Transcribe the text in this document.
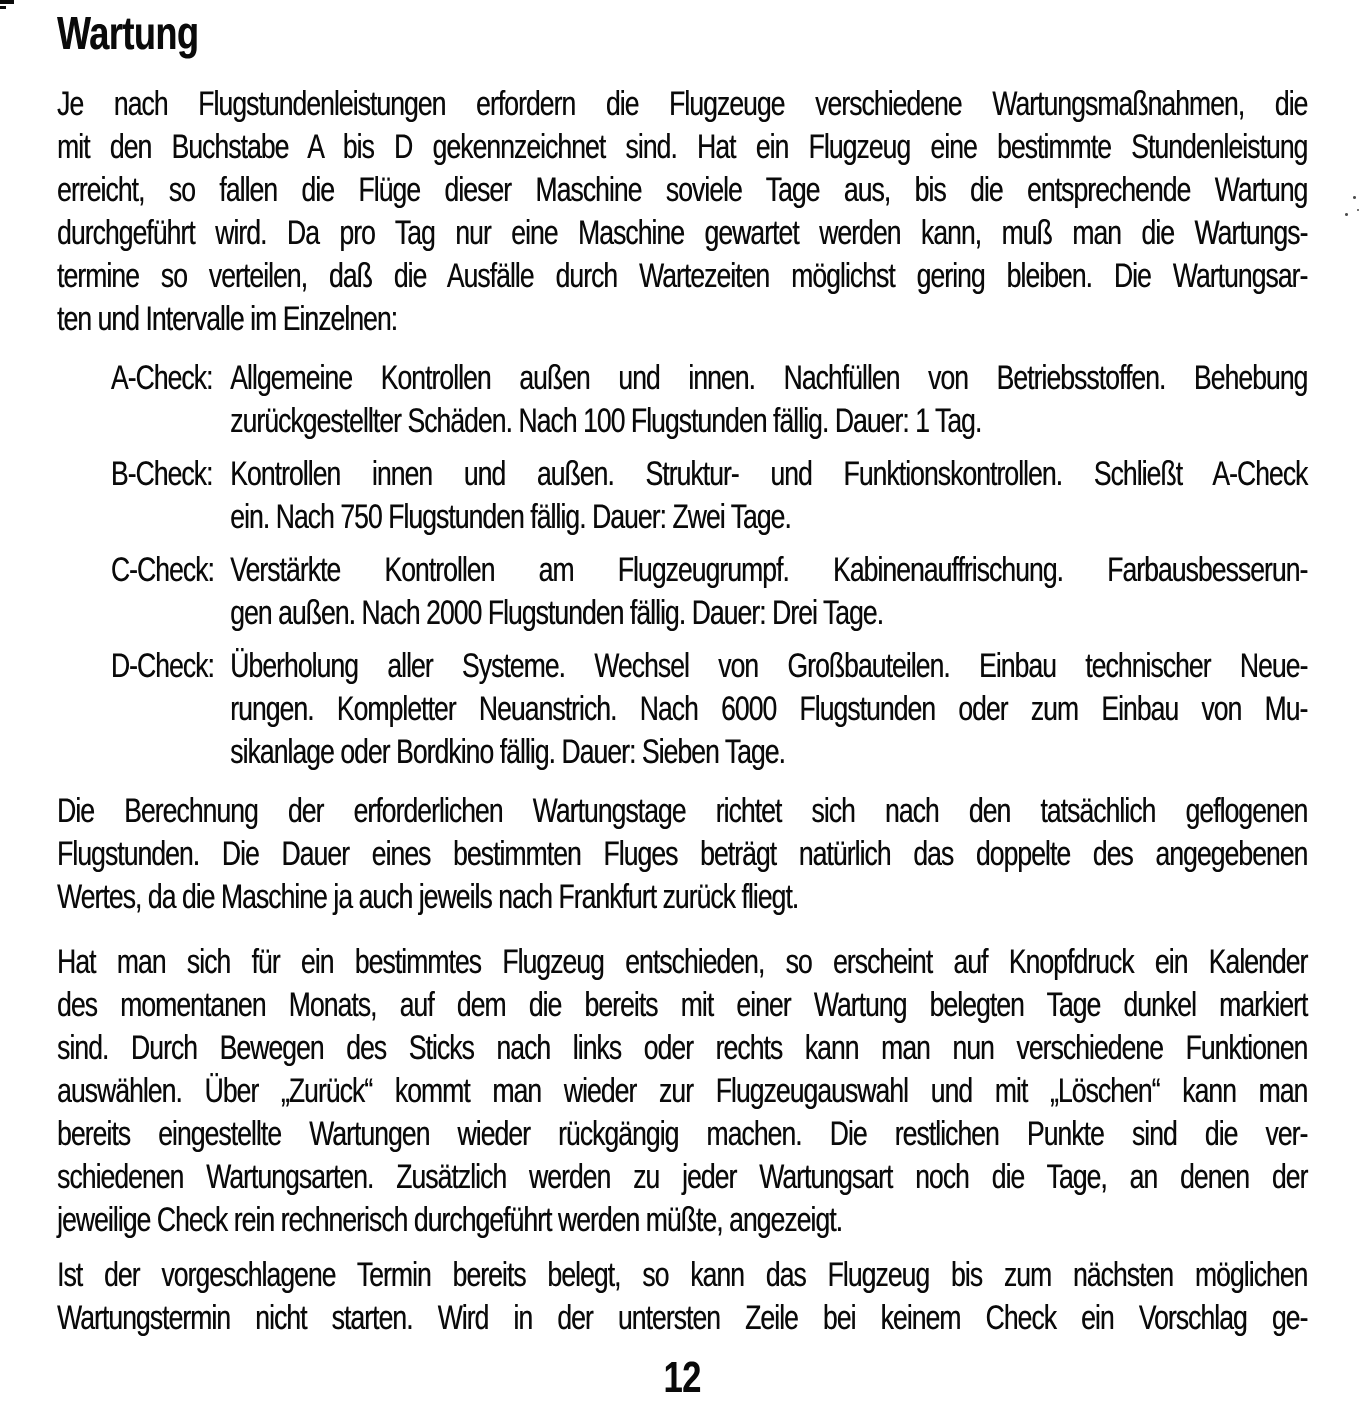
Wartung
Je nach Flugstundenleistungen erfordern die Flugzeuge verschiedene Wartungsmaßnahmen, die
mit den Buchstabe A bis D gekennzeichnet sind. Hat ein Flugzeug eine bestimmte Stundenleistung
erreicht, so fallen die Flüge dieser Maschine soviele Tage aus, bis die entsprechende Wartung
durchgeführt wird. Da pro Tag nur eine Maschine gewartet werden kann, muß man die Wartungs-
termine so verteilen, daß die Ausfälle durch Wartezeiten möglichst gering bleiben. Die Wartungsar-
ten und Intervalle im Einzelnen:
A-Check: Allgemeine Kontrollen außen und innen. Nachfüllen von Betriebsstoffen. Behebung
zurückgestellter Schäden. Nach 100 Flugstunden fällig. Dauer: 1 Tag.
B-Check: Kontrollen innen und außen. Struktur- und Funktionskontrollen. Schließt A-Check
ein. Nach 750 Flugstunden fällig. Dauer: Zwei Tage.
C-Check: Verstärkte Kontrollen am Flugzeugrumpf. Kabinenauffrischung. Farbausbesserun-
gen außen. Nach 2000 Flugstunden fällig. Dauer: Drei Tage.
D-Check: Überholung aller Systeme. Wechsel von Großbauteilen. Einbau technischer Neue-
rungen. Kompletter Neuanstrich. Nach 6000 Flugstunden oder zum Einbau von Mu-
sikanlage oder Bordkino fällig. Dauer: Sieben Tage.
Die Berechnung der erforderlichen Wartungstage richtet sich nach den tatsächlich geflogenen
Flugstunden. Die Dauer eines bestimmten Fluges beträgt natürlich das doppelte des angegebenen
Wertes, da die Maschine ja auch jeweils nach Frankfurt zurück fliegt.
Hat man sich für ein bestimmtes Flugzeug entschieden, so erscheint auf Knopfdruck ein Kalender
des momentanen Monats, auf dem die bereits mit einer Wartung belegten Tage dunkel markiert
sind. Durch Bewegen des Sticks nach links oder rechts kann man nun verschiedene Funktionen
auswählen. Über „Zurück“ kommt man wieder zur Flugzeugauswahl und mit „Löschen“ kann man
bereits eingestellte Wartungen wieder rückgängig machen. Die restlichen Punkte sind die ver-
schiedenen Wartungsarten. Zusätzlich werden zu jeder Wartungsart noch die Tage, an denen der
jeweilige Check rein rechnerisch durchgeführt werden müßte, angezeigt.
Ist der vorgeschlagene Termin bereits belegt, so kann das Flugzeug bis zum nächsten möglichen
Wartungstermin nicht starten. Wird in der untersten Zeile bei keinem Check ein Vorschlag ge-
12
